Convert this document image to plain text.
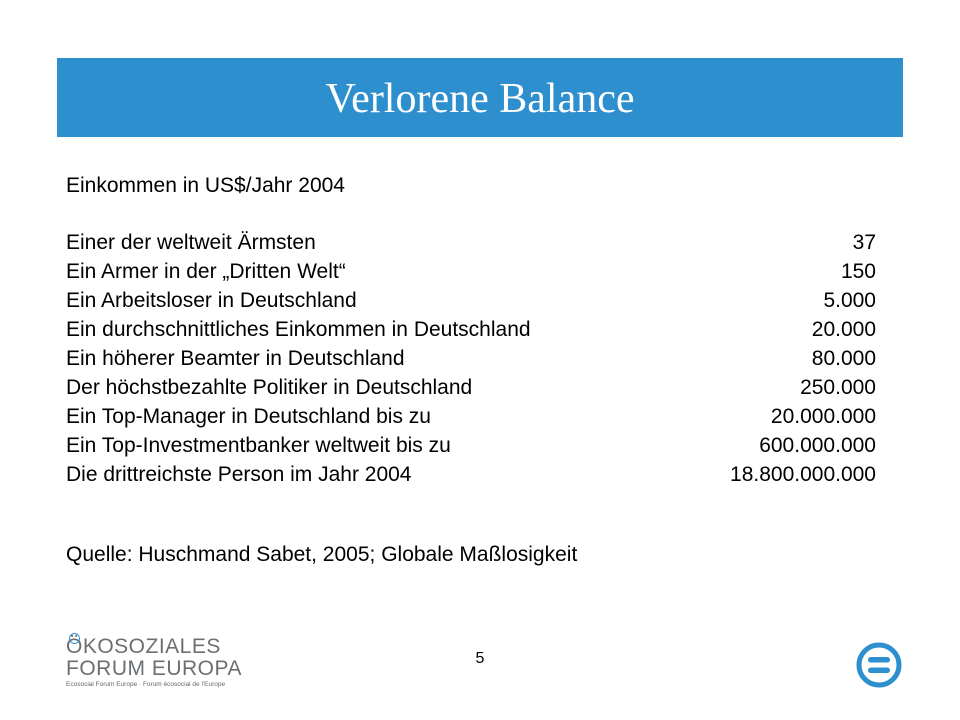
Verlorene Balance
Einkommen in US$/Jahr 2004
Einer der weltweit Ärmsten	37
Ein Armer in der „Dritten Welt“	150
Ein Arbeitsloser in Deutschland	5.000
Ein durchschnittliches Einkommen in Deutschland	20.000
Ein höherer Beamter in Deutschland	80.000
Der höchstbezahlte Politiker in Deutschland	250.000
Ein Top-Manager in Deutschland bis zu	20.000.000
Ein Top-Investmentbanker weltweit bis zu	600.000.000
Die drittreichste Person im Jahr 2004	18.800.000.000
Quelle: Huschmand Sabet, 2005; Globale Maßlosigkeit
5
ÖKOSOZIALES
FORUM EUROPA
Ecosocial Forum Europe · Forum écosocial de l'Europe
